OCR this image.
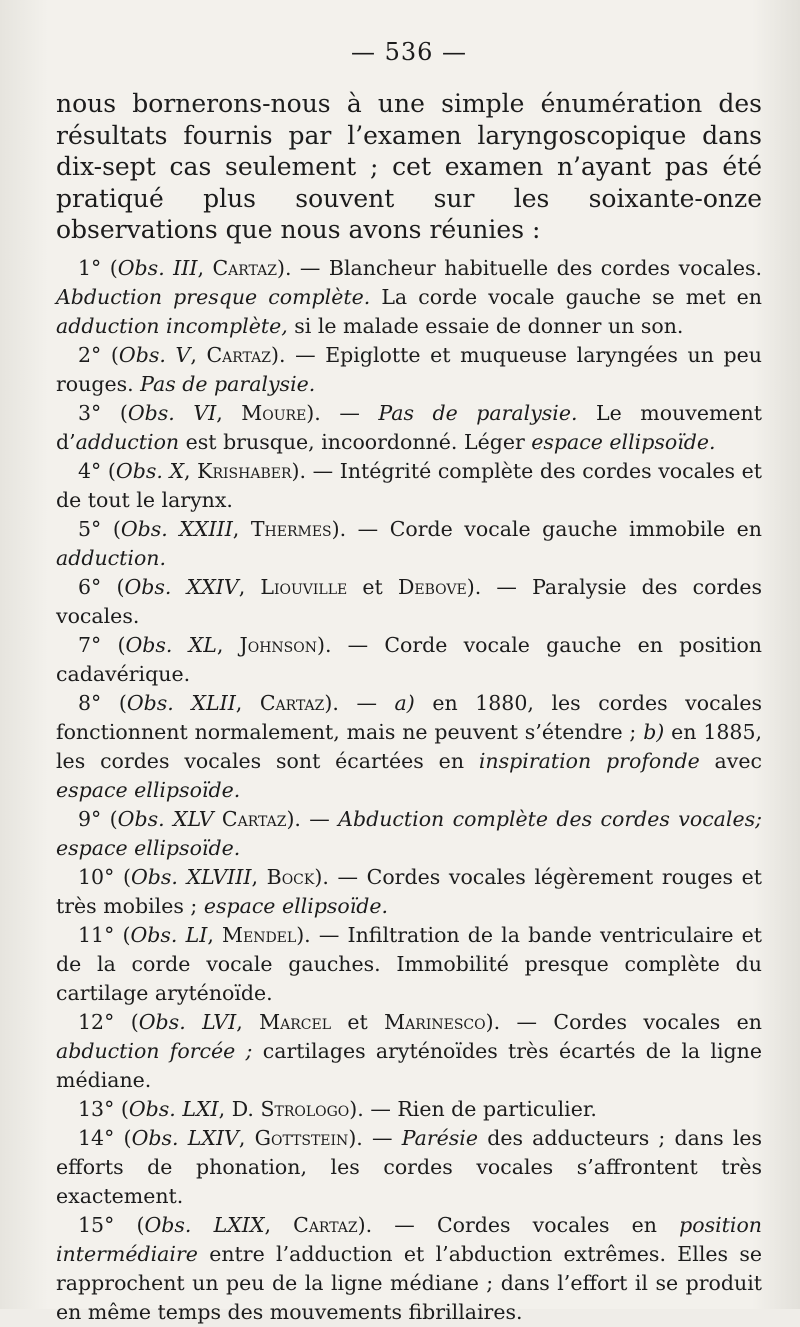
— 536 —

nous bornerons-nous à une simple énumération des résultats fournis par l’examen laryngoscopique dans dix-sept cas seulement ; cet examen n’ayant pas été pratiqué plus souvent sur les soixante-onze observations que nous avons réunies :

1° (Obs. III, Cartaz). — Blancheur habituelle des cordes vocales. Abduction presque complète. La corde vocale gauche se met en adduction incomplète, si le malade essaie de donner un son.

2° (Obs. V, Cartaz). — Epiglotte et muqueuse laryngées un peu rouges. Pas de paralysie.

3° (Obs. VI, Moure). — Pas de paralysie. Le mouvement d’adduction est brusque, incoordonné. Léger espace ellipsoïde.

4° (Obs. X, Krishaber). — Intégrité complète des cordes vocales et de tout le larynx.

5° (Obs. XXIII, Thermes). — Corde vocale gauche immobile en adduction.

6° (Obs. XXIV, Liouville et Debove). — Paralysie des cordes vocales.

7° (Obs. XL, Johnson). — Corde vocale gauche en position cadavérique.

8° (Obs. XLII, Cartaz). — a) en 1880, les cordes vocales fonctionnent normalement, mais ne peuvent s’étendre ; b) en 1885, les cordes vocales sont écartées en inspiration profonde avec espace ellipsoïde.

9° (Obs. XLV Cartaz). — Abduction complète des cordes vocales; espace ellipsoïde.

10° (Obs. XLVIII, Bock). — Cordes vocales légèrement rouges et très mobiles ; espace ellipsoïde.

11° (Obs. LI, Mendel). — Infiltration de la bande ventriculaire et de la corde vocale gauches. Immobilité presque complète du cartilage aryténoïde.

12° (Obs. LVI, Marcel et Marinesco). — Cordes vocales en abduction forcée ; cartilages aryténoïdes très écartés de la ligne médiane.

13° (Obs. LXI, D. Strologo). — Rien de particulier.

14° (Obs. LXIV, Gottstein). — Parésie des adducteurs ; dans les efforts de phonation, les cordes vocales s’affrontent très exactement.

15° (Obs. LXIX, Cartaz). — Cordes vocales en position intermédiaire entre l’adduction et l’abduction extrêmes. Elles se rapprochent un peu de la ligne médiane ; dans l’effort il se produit en même temps des mouvements fibrillaires.
